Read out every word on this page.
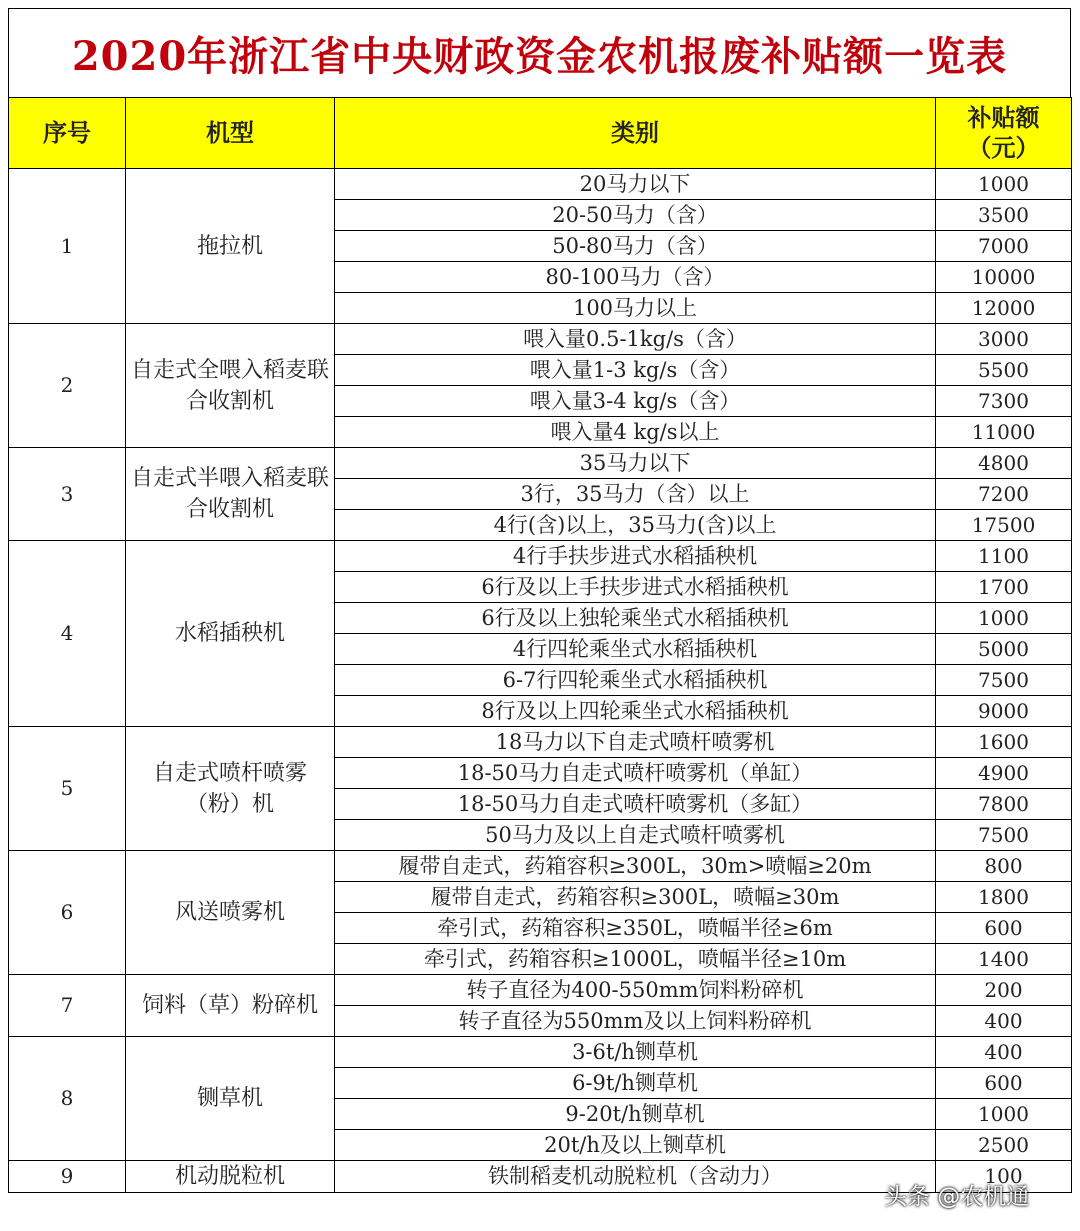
2020年浙江省中央财政资金农机报废补贴额一览表
序号	机型	类别	补贴额
（元）

1	拖拉机	20马力以下	1000
		20-50马力（含）	3500
		50-80马力（含）	7000
		80-100马力（含）	10000
		100马力以上	12000
2	自走式全喂入稻麦联合收割机	喂入量0.5-1kg/s（含）	3000
		喂入量1-3 kg/s（含）	5500
		喂入量3-4 kg/s（含）	7300
		喂入量4 kg/s以上	11000
3	自走式半喂入稻麦联合收割机	35马力以下	4800
		3行，35马力（含）以上	7200
		4行(含)以上，35马力(含)以上	17500
4	水稻插秧机	4行手扶步进式水稻插秧机	1100
		6行及以上手扶步进式水稻插秧机	1700
		6行及以上独轮乘坐式水稻插秧机	1000
		4行四轮乘坐式水稻插秧机	5000
		6-7行四轮乘坐式水稻插秧机	7500
		8行及以上四轮乘坐式水稻插秧机	9000
5	自走式喷杆喷雾（粉）机	18马力以下自走式喷杆喷雾机	1600
		18-50马力自走式喷杆喷雾机（单缸）	4900
		18-50马力自走式喷杆喷雾机（多缸）	7800
		50马力及以上自走式喷杆喷雾机	7500
6	风送喷雾机	履带自走式，药箱容积≥300L，30m>喷幅≥20m	800
		履带自走式，药箱容积≥300L，喷幅≥30m	1800
		牵引式，药箱容积≥350L，喷幅半径≥6m	600
		牵引式，药箱容积≥1000L，喷幅半径≥10m	1400
7	饲料（草）粉碎机	转子直径为400-550mm饲料粉碎机	200
		转子直径为550mm及以上饲料粉碎机	400
8	铡草机	3-6t/h铡草机	400
		6-9t/h铡草机	600
		9-20t/h铡草机	1000
		20t/h及以上铡草机	2500
9	机动脱粒机	铁制稻麦机动脱粒机（含动力）	100
头条 @农机通
